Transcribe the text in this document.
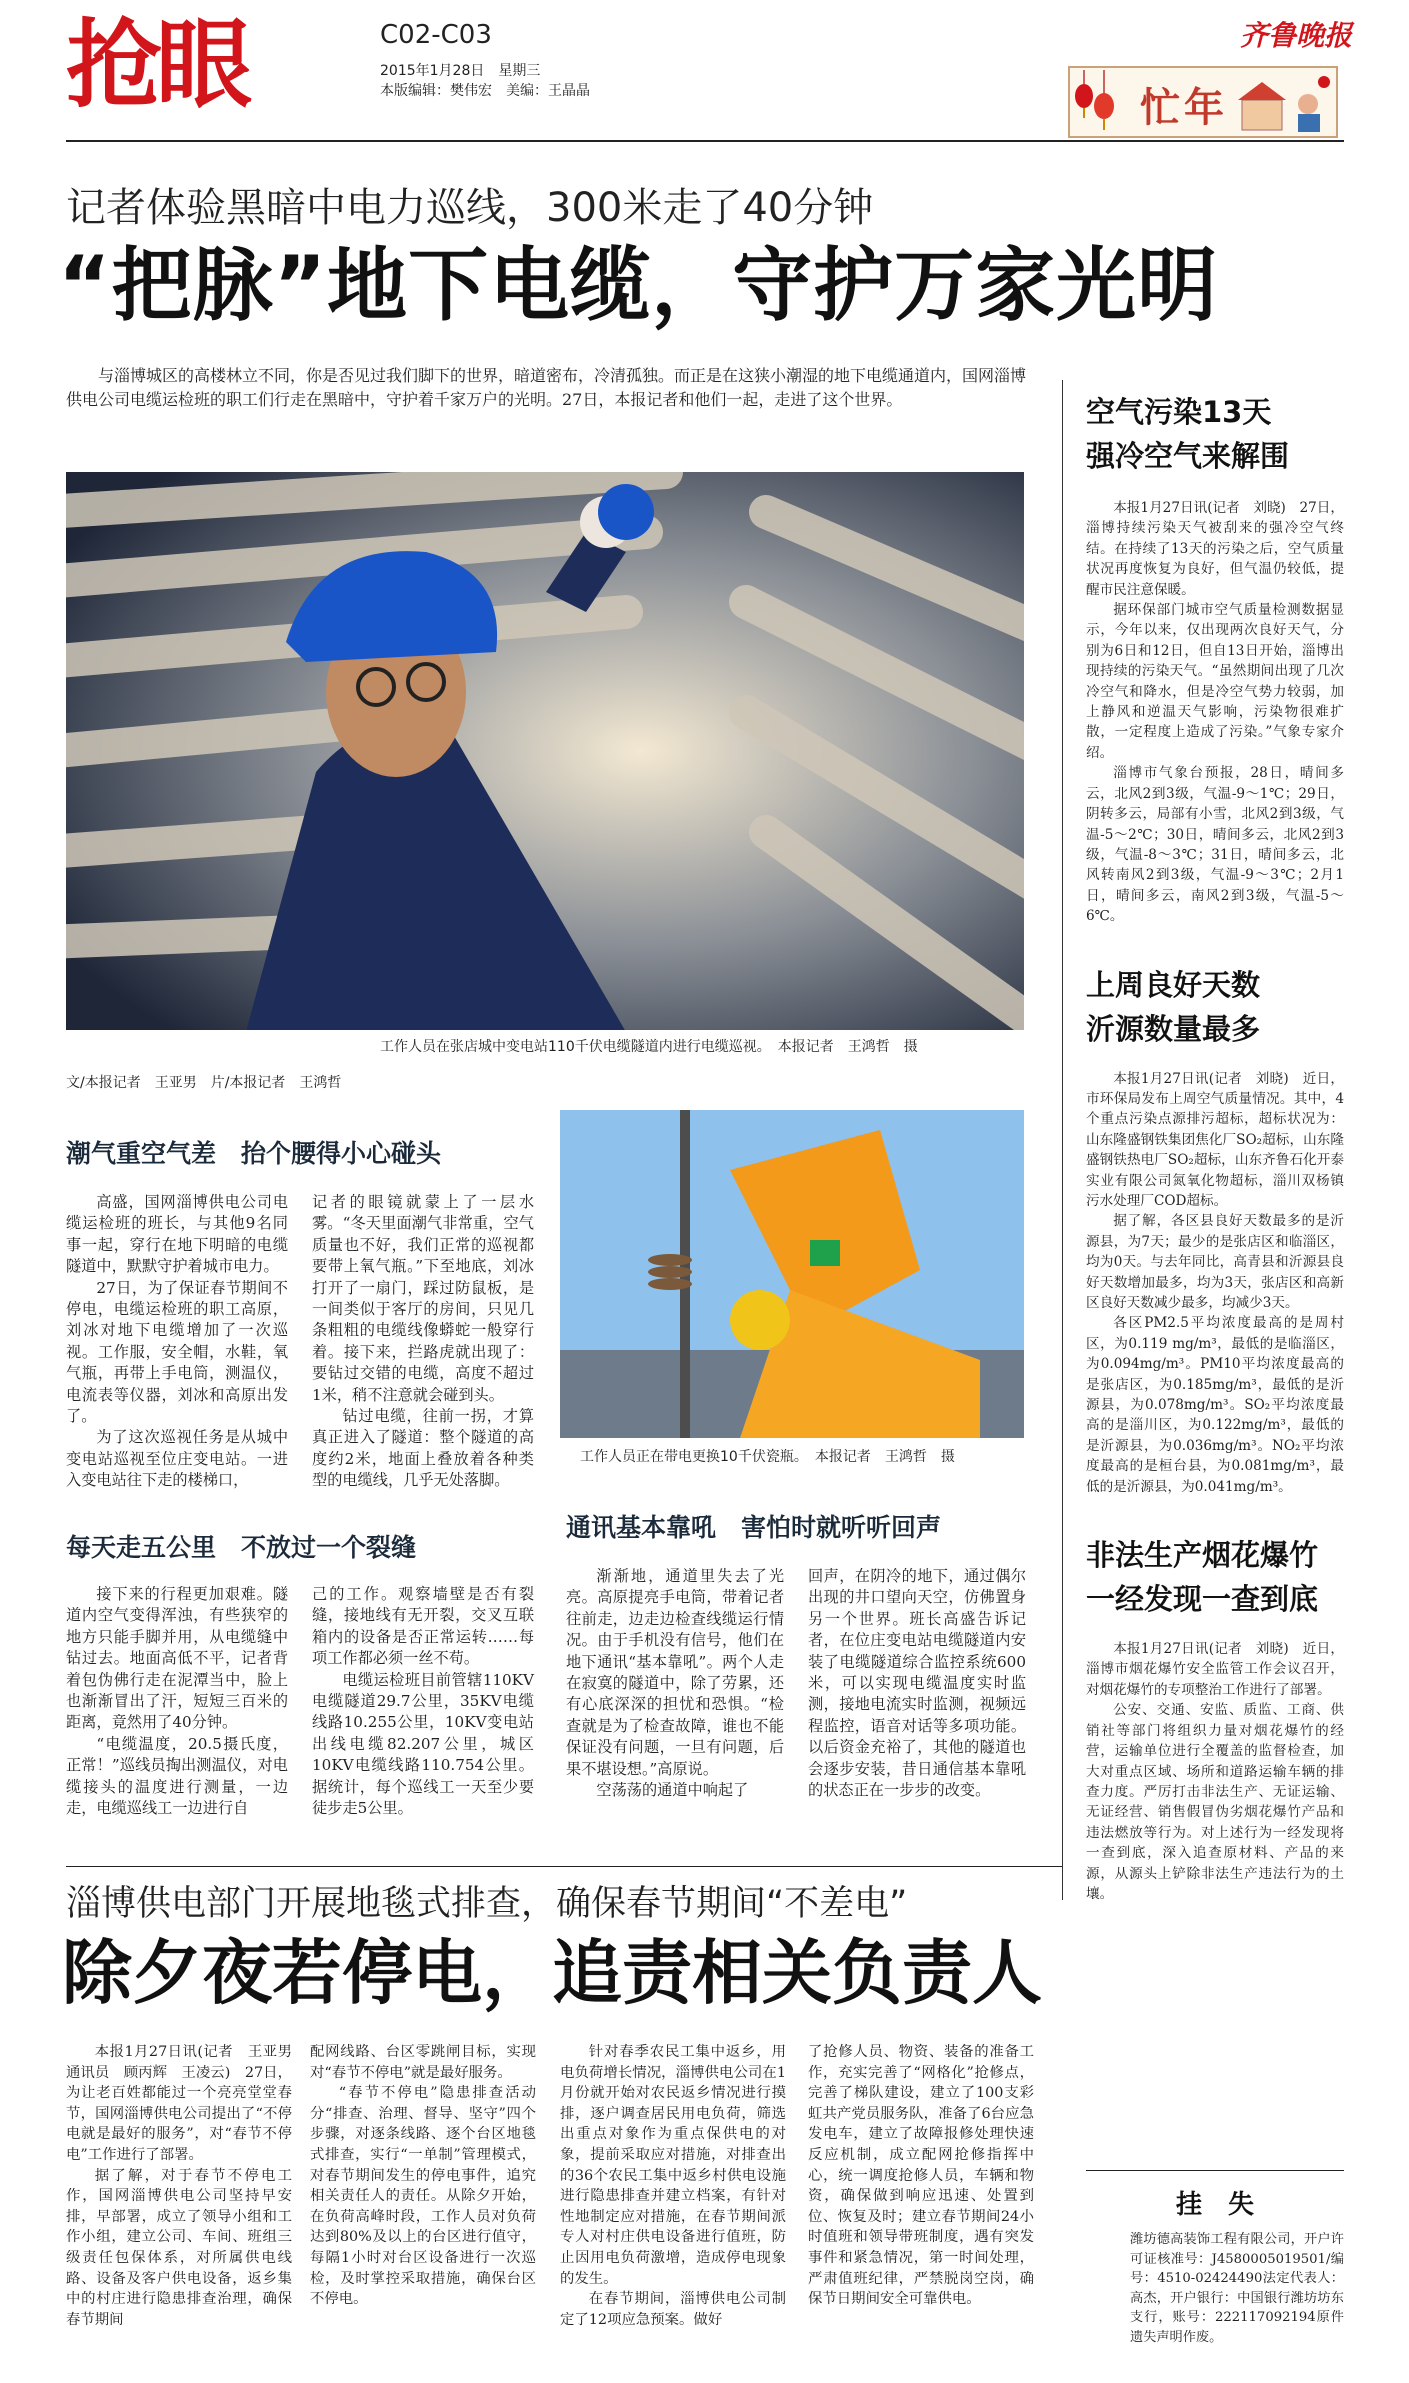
抢眼	C02-C03
2015年1月28日　星期三
本版编辑：樊伟宏　美编：王晶晶
齐鲁晚报
忙年
记者体验黑暗中电力巡线，300米走了40分钟
“把脉”地下电缆，守护万家光明

与淄博城区的高楼林立不同，你是否见过我们脚下的世界，暗道密布，冷清孤独。而正是在这狭小潮湿的地下电缆通道内，国网淄博供电公司电缆运检班的职工们行走在黑暗中，守护着千家万户的光明。27日，本报记者和他们一起，走进了这个世界。

工作人员在张店城中变电站110千伏电缆隧道内进行电缆巡视。　本报记者　王鸿哲　摄
文/本报记者　王亚男　片/本报记者　王鸿哲
潮气重空气差　抬个腰得小心碰头

高盛，国网淄博供电公司电缆运检班的班长，与其他9名同事一起，穿行在地下明暗的电缆隧道中，默默守护着城市电力。

27日，为了保证春节期间不停电，电缆运检班的职工高原，刘冰对地下电缆增加了一次巡视。工作服，安全帽，水鞋，氧气瓶，再带上手电筒，测温仪，电流表等仪器，刘冰和高原出发了。

为了这次巡视任务是从城中变电站巡视至位庄变电站。一进入变电站往下走的楼梯口，

记者的眼镜就蒙上了一层水雾。“冬天里面潮气非常重，空气质量也不好，我们正常的巡视都要带上氧气瓶。”下至地底，刘冰打开了一扇门，踩过防鼠板，是一间类似于客厅的房间，只见几条粗粗的电缆线像蟒蛇一般穿行着。接下来，拦路虎就出现了：要钻过交错的电缆，高度不超过1米，稍不注意就会碰到头。

钻过电缆，往前一拐，才算真正进入了隧道：整个隧道的高度约2米，地面上叠放着各种类型的电缆线，几乎无处落脚。

工作人员正在带电更换10千伏瓷瓶。　本报记者　王鸿哲　摄
每天走五公里　不放过一个裂缝

接下来的行程更加艰难。隧道内空气变得浑浊，有些狭窄的地方只能手脚并用，从电缆缝中钻过去。地面高低不平，记者背着包伪佛行走在泥潭当中，脸上也渐渐冒出了汗，短短三百米的距离，竟然用了40分钟。

“电缆温度，20.5摄氏度，正常！”巡线员掏出测温仪，对电缆接头的温度进行测量，一边走，电缆巡线工一边进行自

己的工作。观察墙壁是否有裂缝，接地线有无开裂，交叉互联箱内的设备是否正常运转……每项工作都必须一丝不苟。

电缆运检班目前管辖110KV电缆隧道29.7公里，35KV电缆线路10.255公里，10KV变电站出线电缆82.207公里，城区10KV电缆线路110.754公里。据统计，每个巡线工一天至少要徒步走5公里。

通讯基本靠吼　害怕时就听听回声

渐渐地，通道里失去了光亮。高原提亮手电筒，带着记者往前走，边走边检查线缆运行情况。由于手机没有信号，他们在地下通讯“基本靠吼”。两个人走在寂寞的隧道中，除了劳累，还有心底深深的担忧和恐惧。“检查就是为了检查故障，谁也不能保证没有问题，一旦有问题，后果不堪设想。”高原说。

空荡荡的通道中响起了

回声，在阴冷的地下，通过偶尔出现的井口望向天空，仿佛置身另一个世界。班长高盛告诉记者，在位庄变电站电缆隧道内安装了电缆隧道综合监控系统600米，可以实现电缆温度实时监测，接地电流实时监测，视频远程监控，语音对话等多项功能。以后资金充裕了，其他的隧道也会逐步安装，昔日通信基本靠吼的状态正在一步步的改变。

空气污染13天 强冷空气来解围

本报1月27日讯(记者　刘晓)　27日，淄博持续污染天气被刮来的强冷空气终结。在持续了13天的污染之后，空气质量状况再度恢复为良好，但气温仍较低，提醒市民注意保暖。

据环保部门城市空气质量检测数据显示，今年以来，仅出现两次良好天气，分别为6日和12日，但自13日开始，淄博出现持续的污染天气。“虽然期间出现了几次冷空气和降水，但是冷空气势力较弱，加上静风和逆温天气影响，污染物很难扩散，一定程度上造成了污染。”气象专家介绍。

淄博市气象台预报，28日，晴间多云，北风2到3级，气温-9～1℃；29日，阴转多云，局部有小雪，北风2到3级，气温-5～2℃；30日，晴间多云，北风2到3级，气温-8～3℃；31日，晴间多云，北风转南风2到3级，气温-9～3℃；2月1日，晴间多云，南风2到3级，气温-5～6℃。

上周良好天数 沂源数量最多

本报1月27日讯(记者　刘晓)　近日，市环保局发布上周空气质量情况。其中，4个重点污染点源排污超标，超标状况为：山东隆盛钢铁集团焦化厂SO₂超标，山东隆盛钢铁热电厂SO₂超标，山东齐鲁石化开泰实业有限公司氮氧化物超标，淄川双杨镇污水处理厂COD超标。

据了解，各区县良好天数最多的是沂源县，为7天；最少的是张店区和临淄区，均为0天。与去年同比，高青县和沂源县良好天数增加最多，均为3天，张店区和高新区良好天数减少最多，均减少3天。

各区PM2.5平均浓度最高的是周村区，为0.119 mg/m³，最低的是临淄区，为0.094mg/m³。PM10平均浓度最高的是张店区，为0.185mg/m³，最低的是沂源县，为0.078mg/m³。SO₂平均浓度最高的是淄川区，为0.122mg/m³，最低的是沂源县，为0.036mg/m³。NO₂平均浓度最高的是桓台县，为0.081mg/m³，最低的是沂源县，为0.041mg/m³。

非法生产烟花爆竹 一经发现一查到底

本报1月27日讯(记者　刘晓)　近日，淄博市烟花爆竹安全监管工作会议召开，对烟花爆竹的专项整治工作进行了部署。

公安、交通、安监、质监、工商、供销社等部门将组织力量对烟花爆竹的经营，运输单位进行全覆盖的监督检查，加大对重点区域、场所和道路运输车辆的排查力度。严厉打击非法生产、无证运输、无证经营、销售假冒伪劣烟花爆竹产品和违法燃放等行为。对上述行为一经发现将一查到底，深入追查原材料、产品的来源，从源头上铲除非法生产违法行为的土壤。

淄博供电部门开展地毯式排查，确保春节期间“不差电”
除夕夜若停电，追责相关负责人

本报1月27日讯(记者　王亚男　通讯员　顾丙辉　王凌云)　27日，为让老百姓都能过一个亮亮堂堂春节，国网淄博供电公司提出了“不停电就是最好的服务”，对“春节不停电”工作进行了部署。

据了解，对于春节不停电工作，国网淄博供电公司坚持早安排，早部署，成立了领导小组和工作小组，建立公司、车间、班组三级责任包保体系，对所属供电线路、设备及客户供电设备，返乡集中的村庄进行隐患排查治理，确保春节期间

配网线路、台区零跳闸目标，实现对“春节不停电”就是最好服务。

“春节不停电”隐患排查活动分“排查、治理、督导、坚守”四个步骤，对逐条线路、逐个台区地毯式排查，实行“一单制”管理模式，对春节期间发生的停电事件，追究相关责任人的责任。从除夕开始，在负荷高峰时段，工作人员对负荷达到80%及以上的台区进行值守，每隔1小时对台区设备进行一次巡检，及时掌控采取措施，确保台区不停电。

针对春季农民工集中返乡，用电负荷增长情况，淄博供电公司在1月份就开始对农民返乡情况进行摸排，逐户调查居民用电负荷，筛选出重点对象作为重点保供电的对象，提前采取应对措施，对排查出的36个农民工集中返乡村供电设施进行隐患排查并建立档案，有针对性地制定应对措施，在春节期间派专人对村庄供电设备进行值班，防止因用电负荷激增，造成停电现象的发生。

在春节期间，淄博供电公司制定了12项应急预案。做好

了抢修人员、物资、装备的准备工作，充实完善了“网格化”抢修点，完善了梯队建设，建立了100支彩虹共产党员服务队，准备了6台应急发电车，建立了故障报修处理快速反应机制，成立配网抢修指挥中心，统一调度抢修人员，车辆和物资，确保做到响应迅速、处置到位、恢复及时；建立春节期间24小时值班和领导带班制度，遇有突发事件和紧急情况，第一时间处理，严肃值班纪律，严禁脱岗空岗，确保节日期间安全可靠供电。

挂　失

潍坊德高装饰工程有限公司，开户许可证核准号：J4580005019501/编号：4510-02424490法定代表人：高杰，开户银行：中国银行潍坊坊东支行，账号：222117092194原件遗失声明作废。
